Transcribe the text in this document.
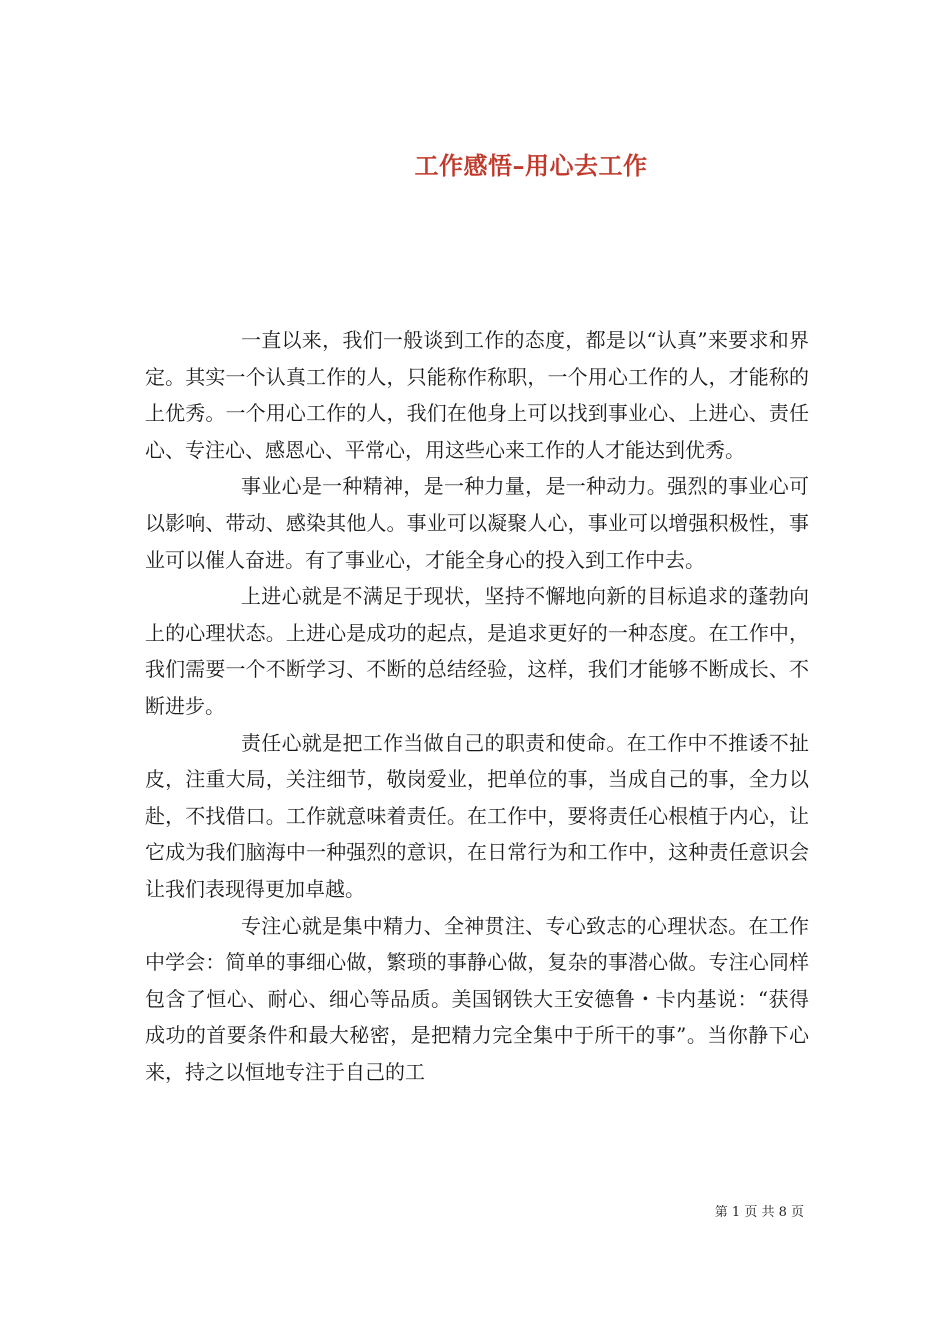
工作感悟–用心去工作

一直以来，我们一般谈到工作的态度，都是以“认真”来要求和界定。其实一个认真工作的人，只能称作称职，一个用心工作的人，才能称的上优秀。一个用心工作的人，我们在他身上可以找到事业心、上进心、责任心、专注心、感恩心、平常心，用这些心来工作的人才能达到优秀。

事业心是一种精神，是一种力量，是一种动力。强烈的事业心可以影响、带动、感染其他人。事业可以凝聚人心，事业可以增强积极性，事业可以催人奋进。有了事业心，才能全身心的投入到工作中去。

上进心就是不满足于现状，坚持不懈地向新的目标追求的蓬勃向上的心理状态。上进心是成功的起点，是追求更好的一种态度。在工作中，我们需要一个不断学习、不断的总结经验，这样，我们才能够不断成长、不断进步。

责任心就是把工作当做自己的职责和使命。在工作中不推诿不扯皮，注重大局，关注细节，敬岗爱业，把单位的事，当成自己的事，全力以赴，不找借口。工作就意味着责任。在工作中，要将责任心根植于内心，让它成为我们脑海中一种强烈的意识，在日常行为和工作中，这种责任意识会让我们表现得更加卓越。

专注心就是集中精力、全神贯注、专心致志的心理状态。在工作中学会：简单的事细心做，繁琐的事静心做，复杂的事潜心做。专注心同样包含了恒心、耐心、细心等品质。美国钢铁大王安德鲁・卡内基说：“获得成功的首要条件和最大秘密，是把精力完全集中于所干的事”。当你静下心来，持之以恒地专注于自己的工

第 1 页 共 8 页
